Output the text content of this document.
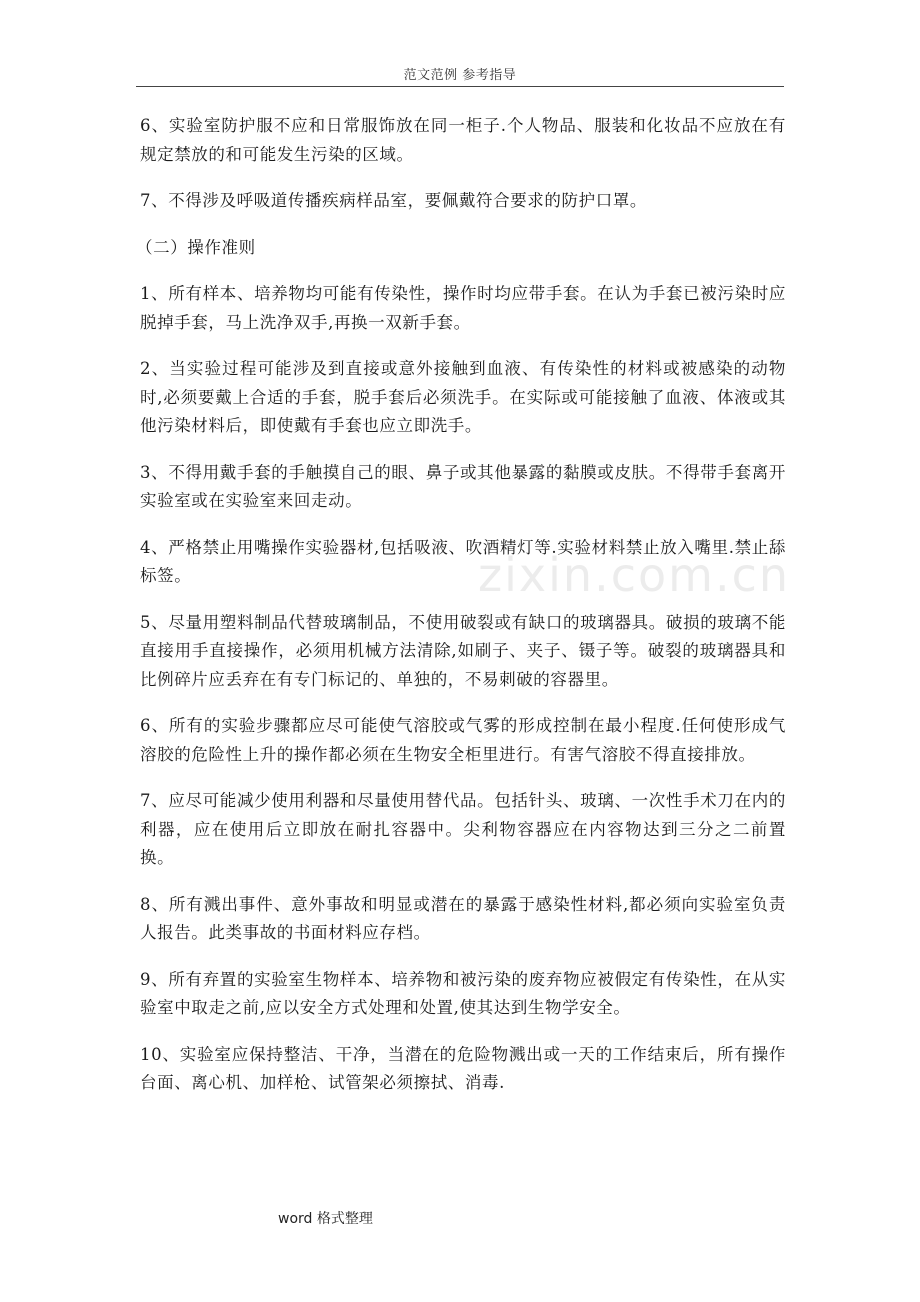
范文范例 参考指导
zixin.com.cn

6、实验室防护服不应和日常服饰放在同一柜子.个人物品、服装和化妆品不应放在有规定禁放的和可能发生污染的区域。

7、不得涉及呼吸道传播疾病样品室，要佩戴符合要求的防护口罩。

（二）操作准则

1、所有样本、培养物均可能有传染性，操作时均应带手套。在认为手套已被污染时应脱掉手套，马上洗净双手,再换一双新手套。

2、当实验过程可能涉及到直接或意外接触到血液、有传染性的材料或被感染的动物时,必须要戴上合适的手套，脱手套后必须洗手。在实际或可能接触了血液、体液或其他污染材料后，即使戴有手套也应立即洗手。

3、不得用戴手套的手触摸自己的眼、鼻子或其他暴露的黏膜或皮肤。不得带手套离开实验室或在实验室来回走动。

4、严格禁止用嘴操作实验器材,包括吸液、吹酒精灯等.实验材料禁止放入嘴里.禁止舔标签。

5、尽量用塑料制品代替玻璃制品，不使用破裂或有缺口的玻璃器具。破损的玻璃不能直接用手直接操作，必须用机械方法清除,如刷子、夹子、镊子等。破裂的玻璃器具和比例碎片应丢弃在有专门标记的、单独的，不易刺破的容器里。

6、所有的实验步骤都应尽可能使气溶胶或气雾的形成控制在最小程度.任何使形成气溶胶的危险性上升的操作都必须在生物安全柜里进行。有害气溶胶不得直接排放。

7、应尽可能减少使用利器和尽量使用替代品。包括针头、玻璃、一次性手术刀在内的利器，应在使用后立即放在耐扎容器中。尖利物容器应在内容物达到三分之二前置换。

8、所有溅出事件、意外事故和明显或潜在的暴露于感染性材料,都必须向实验室负责人报告。此类事故的书面材料应存档。

9、所有弃置的实验室生物样本、培养物和被污染的废弃物应被假定有传染性，在从实验室中取走之前,应以安全方式处理和处置,使其达到生物学安全。

10、实验室应保持整洁、干净，当潜在的危险物溅出或一天的工作结束后，所有操作台面、离心机、加样枪、试管架必须擦拭、消毒.

word 格式整理
